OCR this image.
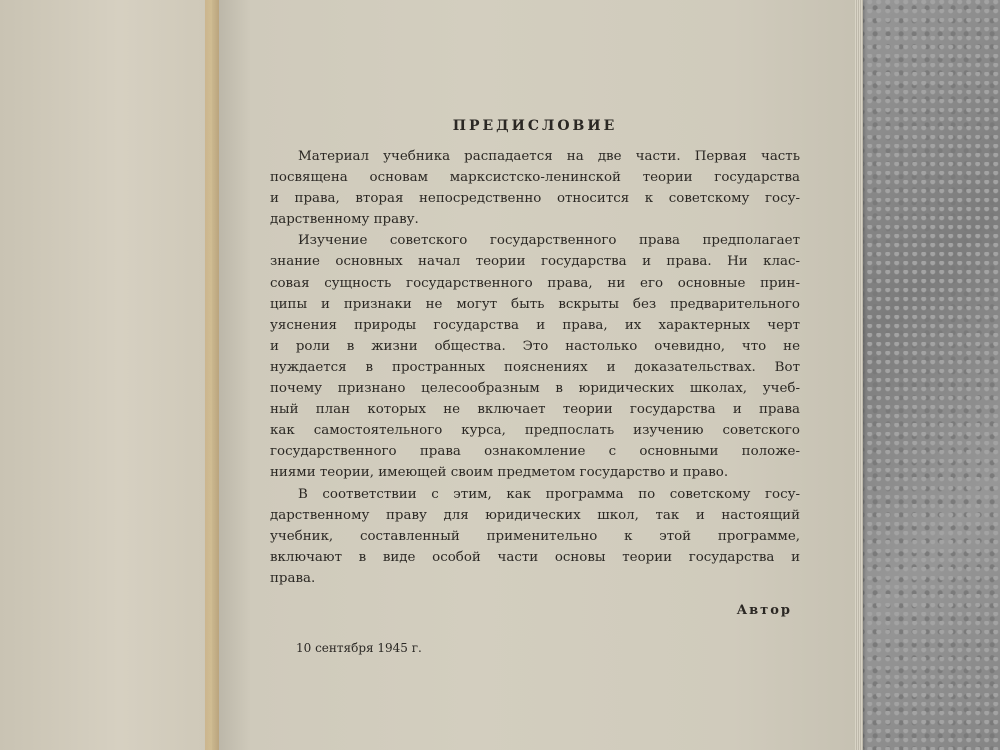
ПРЕДИСЛОВИЕ
Материал учебника распадается на две части. Первая часть
посвящена основам марксистско-ленинской теории государства
и права, вторая непосредственно относится к советскому госу-
дарственному праву.
Изучение советского государственного права предполагает
знание основных начал теории государства и права. Ни клас-
совая сущность государственного права, ни его основные прин-
ципы и признаки не могут быть вскрыты без предварительного
уяснения природы государства и права, их характерных черт
и роли в жизни общества. Это настолько очевидно, что не
нуждается в пространных пояснениях и доказательствах. Вот
почему признано целесообразным в юридических школах, учеб-
ный план которых не включает теории государства и права
как самостоятельного курса, предпослать изучению советского
государственного права ознакомление с основными положе-
ниями теории, имеющей своим предметом государство и право.
В соответствии с этим, как программа по советскому госу-
дарственному праву для юридических школ, так и настоящий
учебник, составленный применительно к этой программе,
включают в виде особой части основы теории государства и
права.
Автор
10 сентября 1945 г.
